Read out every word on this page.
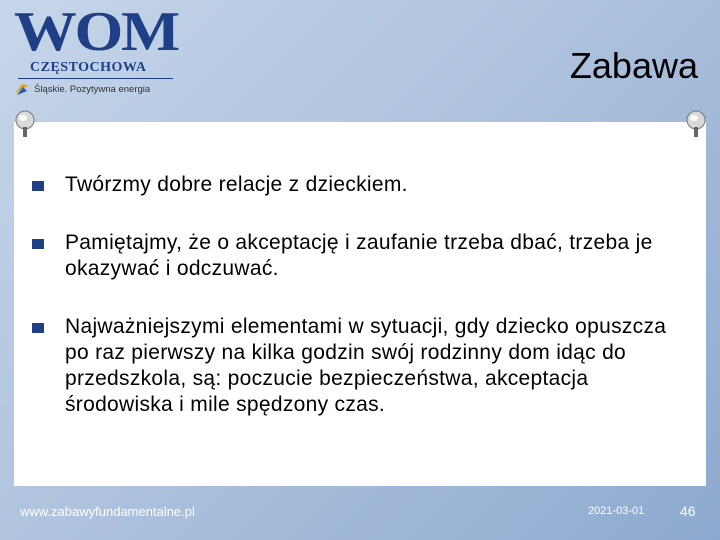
WOM
CZĘSTOCHOWA
Śląskie. Pozytywna energia
Zabawa
Twórzmy dobre relacje z dzieckiem.
Pamiętajmy, że o akceptację i zaufanie trzeba dbać, trzeba je okazywać i odczuwać.
Najważniejszymi elementami w sytuacji, gdy dziecko opuszcza po raz pierwszy na kilka godzin swój rodzinny dom idąc do przedszkola, są: poczucie bezpieczeństwa, akceptacja środowiska i mile spędzony czas.
www.zabawyfundamentalne.pl	2021-03-01	46
